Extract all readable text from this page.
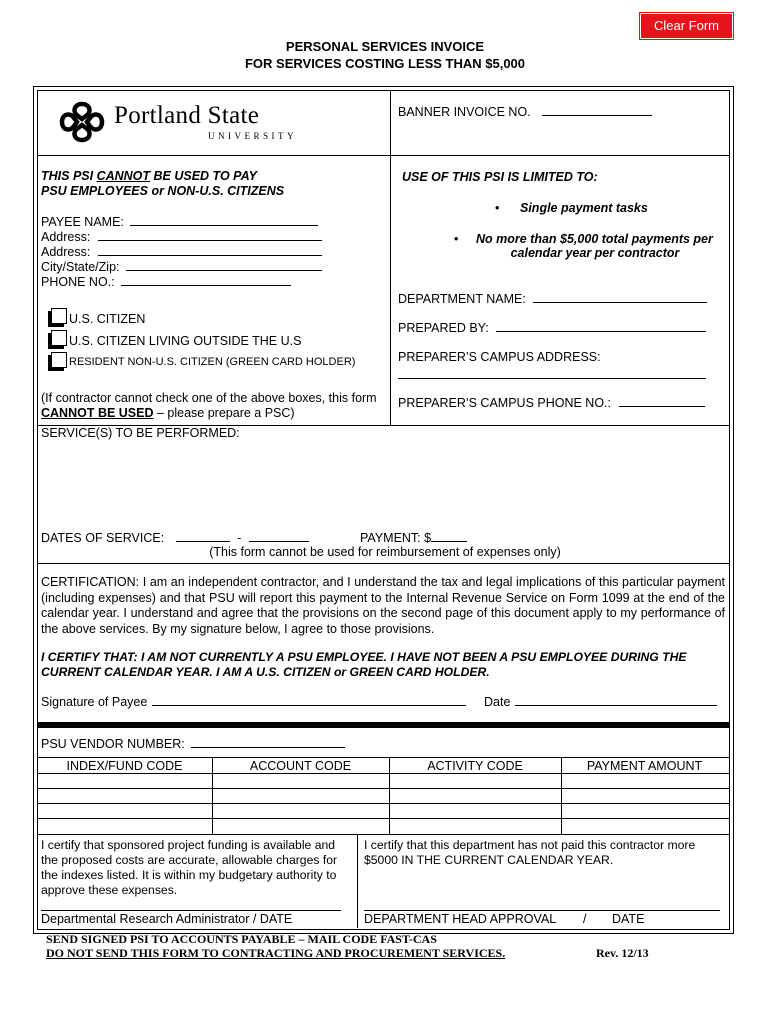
Clear Form
PERSONAL SERVICES INVOICE
FOR SERVICES COSTING LESS THAN $5,000
Portland State
UNIVERSITY
BANNER INVOICE NO.
THIS PSI CANNOT BE USED TO PAY
PSU EMPLOYEES or NON-U.S. CITIZENS
PAYEE NAME:
Address:
Address:
City/State/Zip:
PHONE NO.:
U.S. CITIZEN
U.S. CITIZEN LIVING OUTSIDE THE U.S
RESIDENT NON-U.S. CITIZEN (GREEN CARD HOLDER)
(If contractor cannot check one of the above boxes, this form
CANNOT BE USED – please prepare a PSC)
USE OF THIS PSI IS LIMITED TO:
• Single payment tasks
• No more than $5,000 total payments per
calendar year per contractor
DEPARTMENT NAME:
PREPARED BY:
PREPARER’S CAMPUS ADDRESS:
PREPARER’S CAMPUS PHONE NO.:
SERVICE(S) TO BE PERFORMED:
DATES OF SERVICE:	-	PAYMENT: $
(This form cannot be used for reimbursement of expenses only)
CERTIFICATION: I am an independent contractor, and I understand the tax and legal implications of this particular payment (including expenses) and that PSU will report this payment to the Internal Revenue Service on Form 1099 at the end of the calendar year. I understand and agree that the provisions on the second page of this document apply to my performance of the above services. By my signature below, I agree to those provisions.
I CERTIFY THAT: I AM NOT CURRENTLY A PSU EMPLOYEE. I HAVE NOT BEEN A PSU EMPLOYEE DURING THE
CURRENT CALENDAR YEAR. I AM A U.S. CITIZEN or GREEN CARD HOLDER.
Signature of Payee	Date
PSU VENDOR NUMBER:
INDEX/FUND CODE	ACCOUNT CODE	ACTIVITY CODE	PAYMENT AMOUNT
I certify that sponsored project funding is available and
the proposed costs are accurate, allowable charges for
the indexes listed. It is within my budgetary authority to
approve these expenses.
I certify that this department has not paid this contractor more
$5000 IN THE CURRENT CALENDAR YEAR.
Departmental Research Administrator / DATE	DEPARTMENT HEAD APPROVAL / DATE
SEND SIGNED PSI TO ACCOUNTS PAYABLE – MAIL CODE FAST-CAS
DO NOT SEND THIS FORM TO CONTRACTING AND PROCUREMENT SERVICES.	Rev. 12/13
